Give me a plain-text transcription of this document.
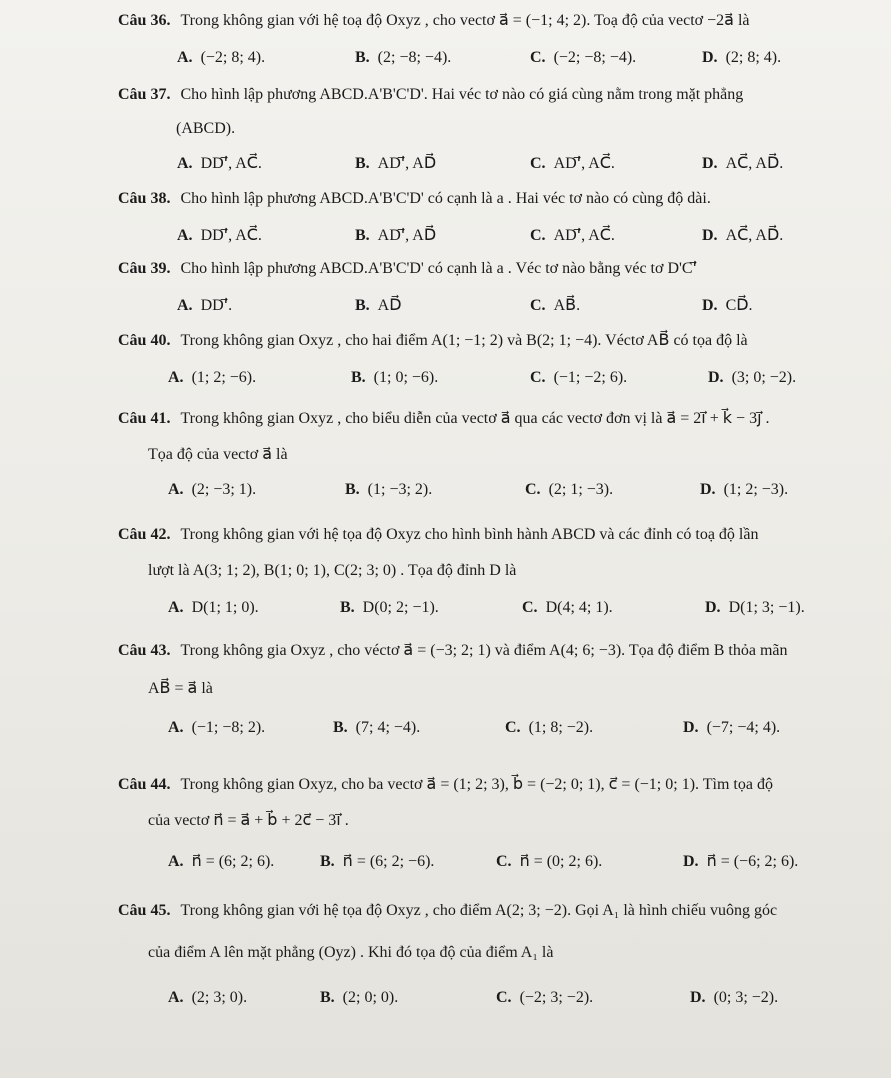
Câu 36. Trong không gian với hệ toạ độ Oxyz , cho vectơ a⃗ = (−1; 4; 2). Toạ độ của vectơ −2a⃗ là
A. (−2; 8; 4).	B. (2; −8; −4).	C. (−2; −8; −4).	D. (2; 8; 4).
Câu 37. Cho hình lập phương ABCD.A'B'C'D'. Hai véc tơ nào có giá cùng nằm trong mặt phẳng
(ABCD).
A. DD'⃗, AC⃗.	B. AD'⃗, AD⃗	C. AD'⃗, AC⃗.	D. AC⃗, AD⃗.
Câu 38. Cho hình lập phương ABCD.A'B'C'D' có cạnh là a . Hai véc tơ nào có cùng độ dài.
A. DD'⃗, AC⃗.	B. AD'⃗, AD⃗	C. AD'⃗, AC⃗.	D. AC⃗, AD⃗.
Câu 39. Cho hình lập phương ABCD.A'B'C'D' có cạnh là a . Véc tơ nào bằng véc tơ D'C'⃗
A. DD'⃗.	B. AD⃗	C. AB⃗.	D. CD⃗.
Câu 40. Trong không gian Oxyz , cho hai điểm A(1; −1; 2) và B(2; 1; −4). Véctơ AB⃗ có tọa độ là
A. (1; 2; −6).	B. (1; 0; −6).	C. (−1; −2; 6).	D. (3; 0; −2).
Câu 41. Trong không gian Oxyz , cho biểu diễn của vectơ a⃗ qua các vectơ đơn vị là a⃗ = 2i⃗ + k⃗ − 3j⃗ .
Tọa độ của vectơ a⃗ là
A. (2; −3; 1).	B. (1; −3; 2).	C. (2; 1; −3).	D. (1; 2; −3).
Câu 42. Trong không gian với hệ tọa độ Oxyz cho hình bình hành ABCD và các đỉnh có toạ độ lần
lượt là A(3; 1; 2), B(1; 0; 1), C(2; 3; 0) . Tọa độ đỉnh D là
A. D(1; 1; 0).	B. D(0; 2; −1).	C. D(4; 4; 1).	D. D(1; 3; −1).
Câu 43. Trong không gia Oxyz , cho véctơ a⃗ = (−3; 2; 1) và điểm A(4; 6; −3). Tọa độ điểm B thỏa mãn
AB⃗ = a⃗ là
A. (−1; −8; 2).	B. (7; 4; −4).	C. (1; 8; −2).	D. (−7; −4; 4).
Câu 44. Trong không gian Oxyz, cho ba vectơ a⃗ = (1; 2; 3), b⃗ = (−2; 0; 1), c⃗ = (−1; 0; 1). Tìm tọa độ
của vectơ n⃗ = a⃗ + b⃗ + 2c⃗ − 3i⃗ .
A. n⃗ = (6; 2; 6).	B. n⃗ = (6; 2; −6).	C. n⃗ = (0; 2; 6).	D. n⃗ = (−6; 2; 6).
Câu 45. Trong không gian với hệ tọa độ Oxyz , cho điểm A(2; 3; −2). Gọi A₁ là hình chiếu vuông góc
của điểm A lên mặt phẳng (Oyz) . Khi đó tọa độ của điểm A₁ là
A. (2; 3; 0).	B. (2; 0; 0).	C. (−2; 3; −2).	D. (0; 3; −2).
